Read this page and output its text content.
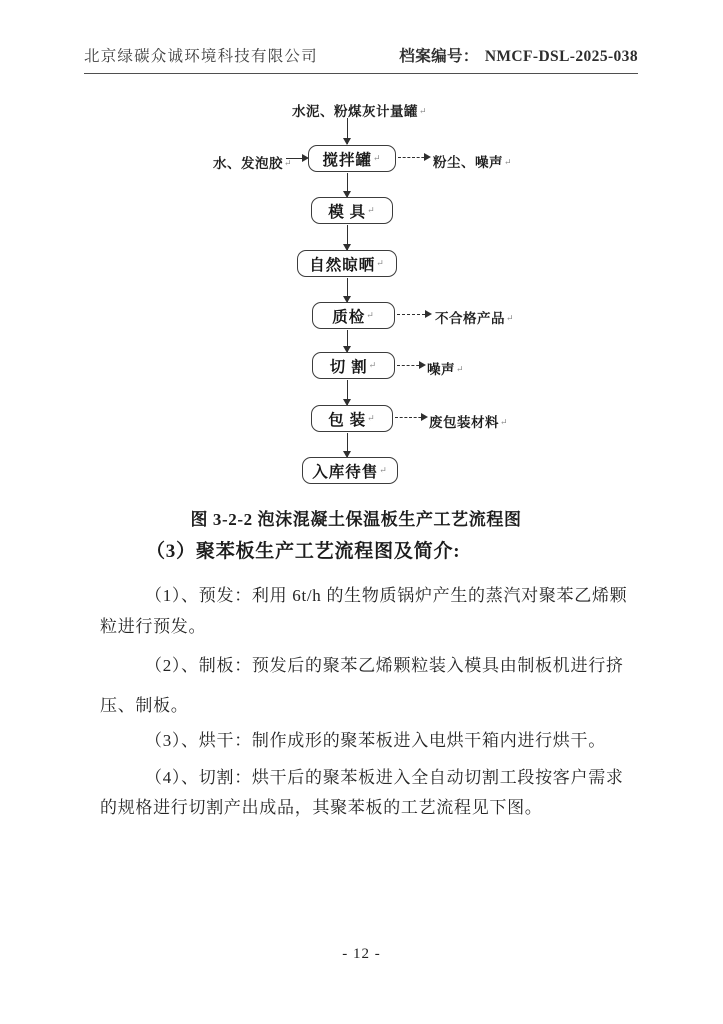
北京绿碳众诚环境科技有限公司	档案编号： NMCF-DSL-2025-038
水泥、粉煤灰计量罐↵
水、发泡胶↵ 搅拌罐 ↵	粉尘、噪声↵
模 具 ↵
自然晾晒 ↵
质检 ↵	不合格产品↵
切 割 ↵	噪声↵
包 装 ↵	废包装材料↵
入库待售 ↵
图 3-2-2 泡沫混凝土保温板生产工艺流程图
（3）聚苯板生产工艺流程图及简介:
（1）、预发：利用 6t/h 的生物质锅炉产生的蒸汽对聚苯乙烯颗
粒进行预发。
（2）、制板：预发后的聚苯乙烯颗粒装入模具由制板机进行挤
压、制板。
（3）、烘干：制作成形的聚苯板进入电烘干箱内进行烘干。
（4）、切割：烘干后的聚苯板进入全自动切割工段按客户需求
的规格进行切割产出成品，其聚苯板的工艺流程见下图。
- 12 -
